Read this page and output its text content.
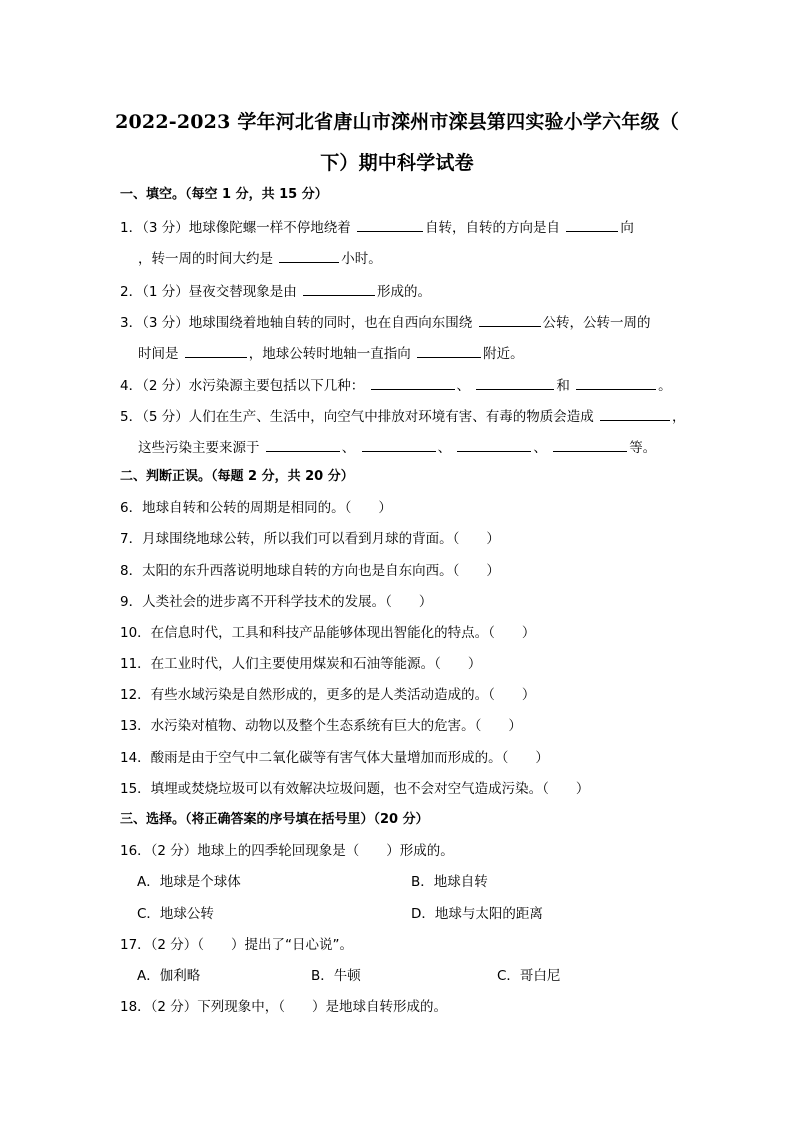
2022-2023 学年河北省唐山市滦州市滦县第四实验小学六年级（
下）期中科学试卷
一、填空。（每空 1 分，共 15 分）
1．（3 分）地球像陀螺一样不停地绕着	自转，自转的方向是自	向
，转一周的时间大约是	小时。
2．（1 分）昼夜交替现象是由	形成的。
3．（3 分）地球围绕着地轴自转的同时，也在自西向东围绕	公转，公转一周的
时间是	，地球公转时地轴一直指向	附近。
4．（2 分）水污染源主要包括以下几种：	、	和	。
5．（5 分）人们在生产、生活中，向空气中排放对环境有害、有毒的物质会造成	，
这些污染主要来源于	、	、	、	等。
二、判断正误。（每题 2 分，共 20 分）
6．地球自转和公转的周期是相同的。（　　）
7．月球围绕地球公转，所以我们可以看到月球的背面。（　　）
8．太阳的东升西落说明地球自转的方向也是自东向西。（　　）
9．人类社会的进步离不开科学技术的发展。（　　）
10．在信息时代，工具和科技产品能够体现出智能化的特点。（　　）
11．在工业时代，人们主要使用煤炭和石油等能源。（　　）
12．有些水域污染是自然形成的，更多的是人类活动造成的。（　　）
13．水污染对植物、动物以及整个生态系统有巨大的危害。（　　）
14．酸雨是由于空气中二氧化碳等有害气体大量增加而形成的。（　　）
15．填埋或焚烧垃圾可以有效解决垃圾问题，也不会对空气造成污染。（　　）
三、选择。（将正确答案的序号填在括号里）（20 分）
16．（2 分）地球上的四季轮回现象是（　　）形成的。
A．地球是个球体	B．地球自转
C．地球公转	D．地球与太阳的距离
17．（2 分）（　　）提出了“日心说”。
A．伽利略	B．牛顿	C．哥白尼
18．（2 分）下列现象中，（　　）是地球自转形成的。
